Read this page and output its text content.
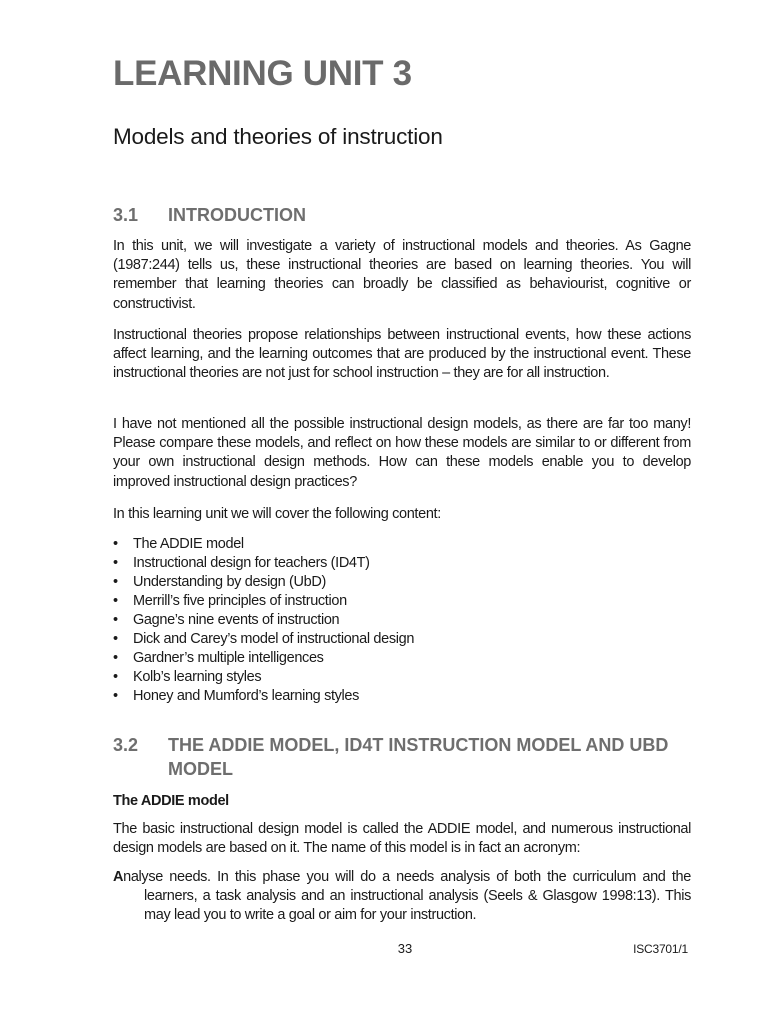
LEARNING UNIT 3
Models and theories of instruction
3.1	INTRODUCTION

In this unit, we will investigate a variety of instructional models and theories. As Gagne (1987:244) tells us, these instructional theories are based on learning theories. You will remember that learning theories can broadly be classified as behaviourist, cognitive or constructivist.

Instructional theories propose relationships between instructional events, how these actions affect learning, and the learning outcomes that are produced by the instructional event. These instructional theories are not just for school instruction – they are for all instruction.

I have not mentioned all the possible instructional design models, as there are far too many! Please compare these models, and reflect on how these models are similar to or different from your own instructional design methods. How can these models enable you to develop improved instructional design practices?

In this learning unit we will cover the following content:

•	The ADDIE model
•	Instructional design for teachers (ID4T)
•	Understanding by design (UbD)
•	Merrill’s five principles of instruction
•	Gagne’s nine events of instruction
•	Dick and Carey’s model of instructional design
•	Gardner’s multiple intelligences
•	Kolb’s learning styles
•	Honey and Mumford’s learning styles
3.2	THE ADDIE MODEL, ID4T INSTRUCTION MODEL AND UBD MODEL
The ADDIE model

The basic instructional design model is called the ADDIE model, and numerous instructional design models are based on it. The name of this model is in fact an acronym:

Analyse needs. In this phase you will do a needs analysis of both the curriculum and the learners, a task analysis and an instructional analysis (Seels & Glasgow 1998:13). This may lead you to write a goal or aim for your instruction.

33	ISC3701/1
